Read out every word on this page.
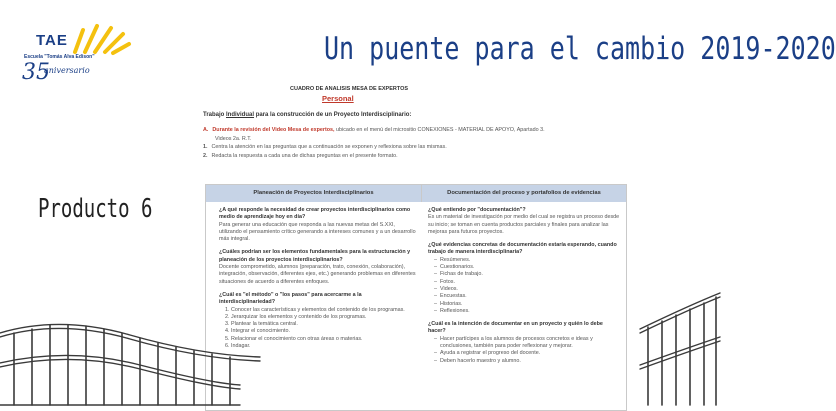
TAE
Escuela "Tomás Alva Edison"
35
aniversario
Un puente para el cambio 2019-2020
Producto 6
CUADRO DE ANALISIS MESA DE EXPERTOS
Personal
Trabajo Individual para la construcción de un Proyecto Interdisciplinario:
A. Durante la revisión del Video Mesa de expertos, ubicado en el menú del micrositio CONEXIONES - MATERIAL DE APOYO, Apartado 3.
Videos 2a. R.T.
1. Centra la atención en las preguntas que a continuación se exponen y reflexiona sobre las mismas.
2. Redacta la respuesta a cada una de dichas preguntas en el presente formato.
Planeación de Proyectos Interdisciplinarios	Documentación del proceso y portafolios de evidencias
¿A qué responde la necesidad de crear proyectos interdisciplinarios como medio de aprendizaje hoy en día?
Para generar una educación que responda a las nuevas metas del S.XXI, utilizando el pensamiento crítico generando a intereses comunes y a un desarrollo más integral.
¿Cuáles podrían ser los elementos fundamentales para la estructuración y planeación de los proyectos interdisciplinarios?
Docente comprometido, alumnos (preparación, trato, conexión, colaboración), integración, observación, diferentes ejes, etc.) generando problemas en diferentes situaciones de acuerdo a diferentes enfoques.
¿Cuál es "el método" o "los pasos" para acercarme a la interdisciplinariedad?
1. Conocer las características y elementos del contenido de los programas.
2. Jerarquizar los elementos y contenido de los programas.
3. Plantear la temática central.
4. Integrar el conocimiento.
5. Relacionar el conocimiento con otras áreas o materias.
6. Indagar.
¿Qué entiendo por "documentación"?
Es un material de investigación por medio del cual se registra un proceso desde su inicio; se toman en cuenta productos parciales y finales para analizar las mejoras para futuros proyectos.
¿Qué evidencias concretas de documentación estaría esperando, cuando trabajo de manera interdisciplinaria?
– Resúmenes.
– Cuestionarios.
– Fichas de trabajo.
– Fotos.
– Videos.
– Encuestas.
– Historias.
– Reflexiones.
¿Cuál es la intención de documentar en un proyecto y quién lo debe hacer?
– Hacer partícipes a los alumnos de procesos concretos e ideas y conclusiones, también para poder reflexionar y mejorar.
– Ayuda a registrar el progreso del docente.
– Deben hacerlo maestro y alumno.
